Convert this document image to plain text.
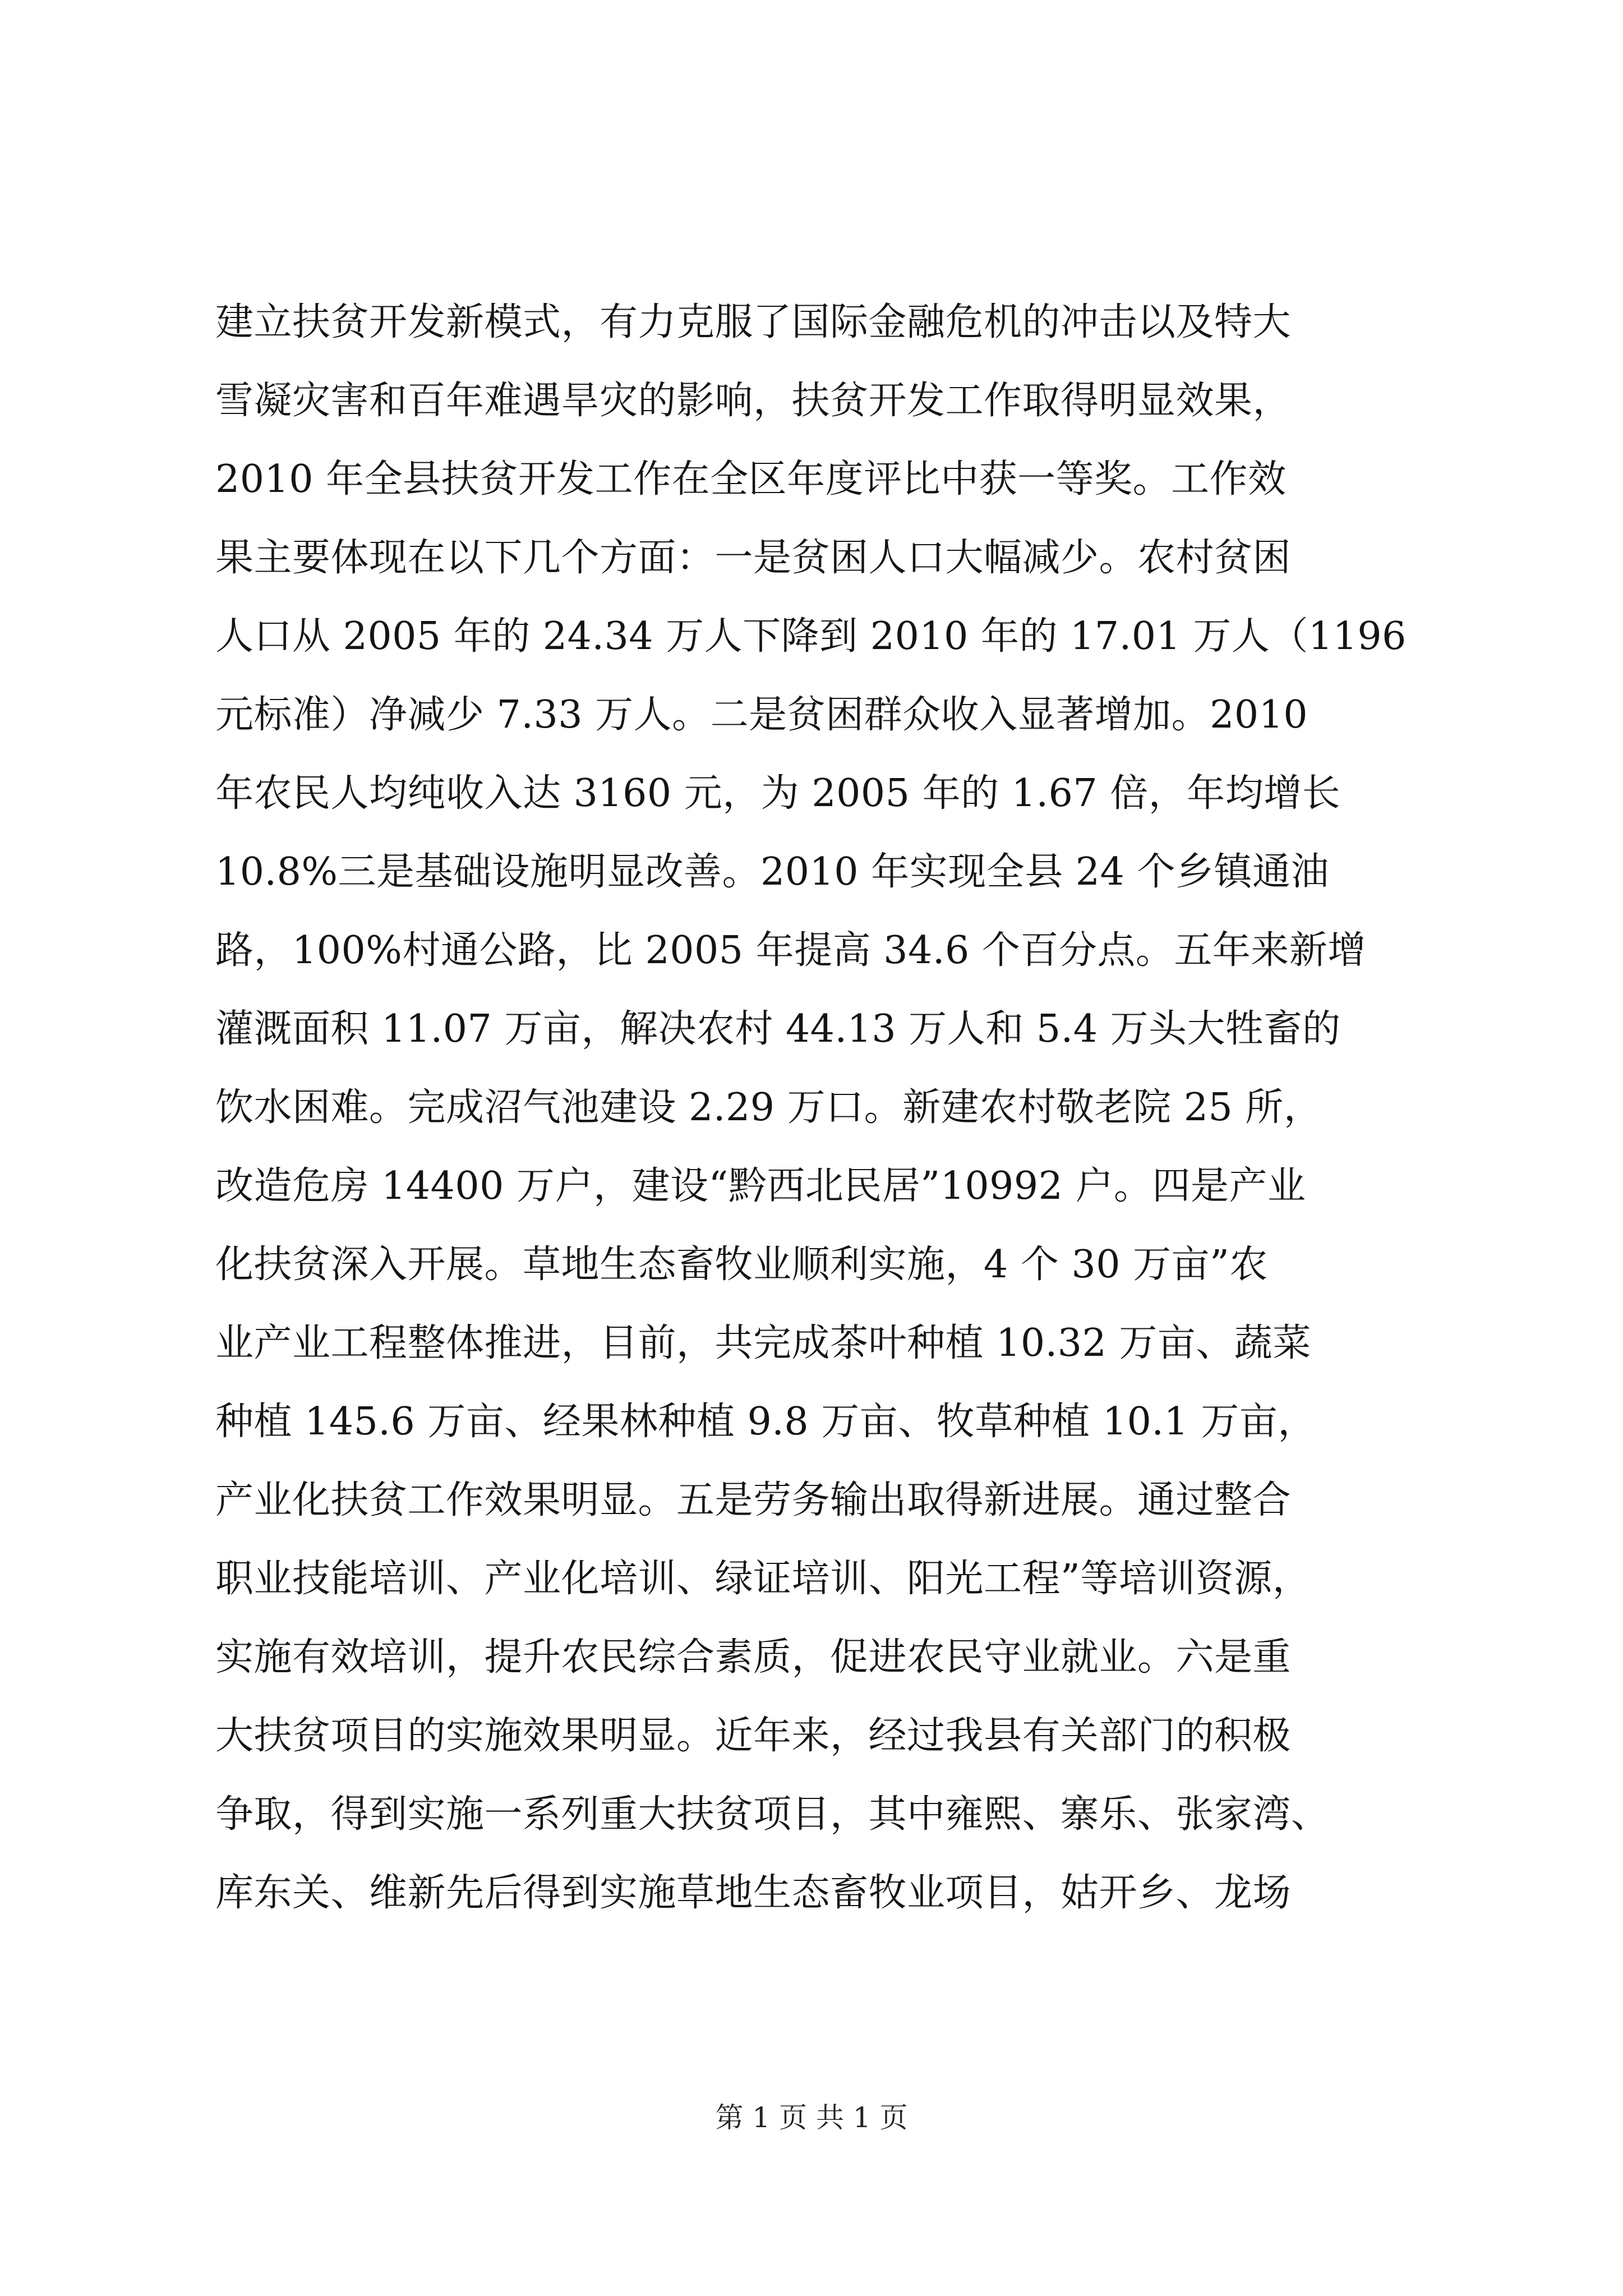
建立扶贫开发新模式，有力克服了国际金融危机的冲击以及特大
雪凝灾害和百年难遇旱灾的影响，扶贫开发工作取得明显效果，
2010 年全县扶贫开发工作在全区年度评比中获一等奖。工作效
果主要体现在以下几个方面：一是贫困人口大幅减少。农村贫困
人口从 2005 年的 24.34 万人下降到 2010 年的 17.01 万人（1196
元标准）净减少 7.33 万人。二是贫困群众收入显著增加。2010
年农民人均纯收入达 3160 元，为 2005 年的 1.67 倍，年均增长
10.8%三是基础设施明显改善。2010 年实现全县 24 个乡镇通油
路，100%村通公路，比 2005 年提高 34.6 个百分点。五年来新增
灌溉面积 11.07 万亩，解决农村 44.13 万人和 5.4 万头大牲畜的
饮水困难。完成沼气池建设 2.29 万口。新建农村敬老院 25 所，
改造危房 14400 万户，建设“黔西北民居”10992 户。四是产业
化扶贫深入开展。草地生态畜牧业顺利实施，4 个 30 万亩”农
业产业工程整体推进，目前，共完成茶叶种植 10.32 万亩、蔬菜
种植 145.6 万亩、经果林种植 9.8 万亩、牧草种植 10.1 万亩，
产业化扶贫工作效果明显。五是劳务输出取得新进展。通过整合
职业技能培训、产业化培训、绿证培训、阳光工程”等培训资源，
实施有效培训，提升农民综合素质，促进农民守业就业。六是重
大扶贫项目的实施效果明显。近年来，经过我县有关部门的积极
争取，得到实施一系列重大扶贫项目，其中雍熙、寨乐、张家湾、
库东关、维新先后得到实施草地生态畜牧业项目，姑开乡、龙场
第 1 页 共 1 页
